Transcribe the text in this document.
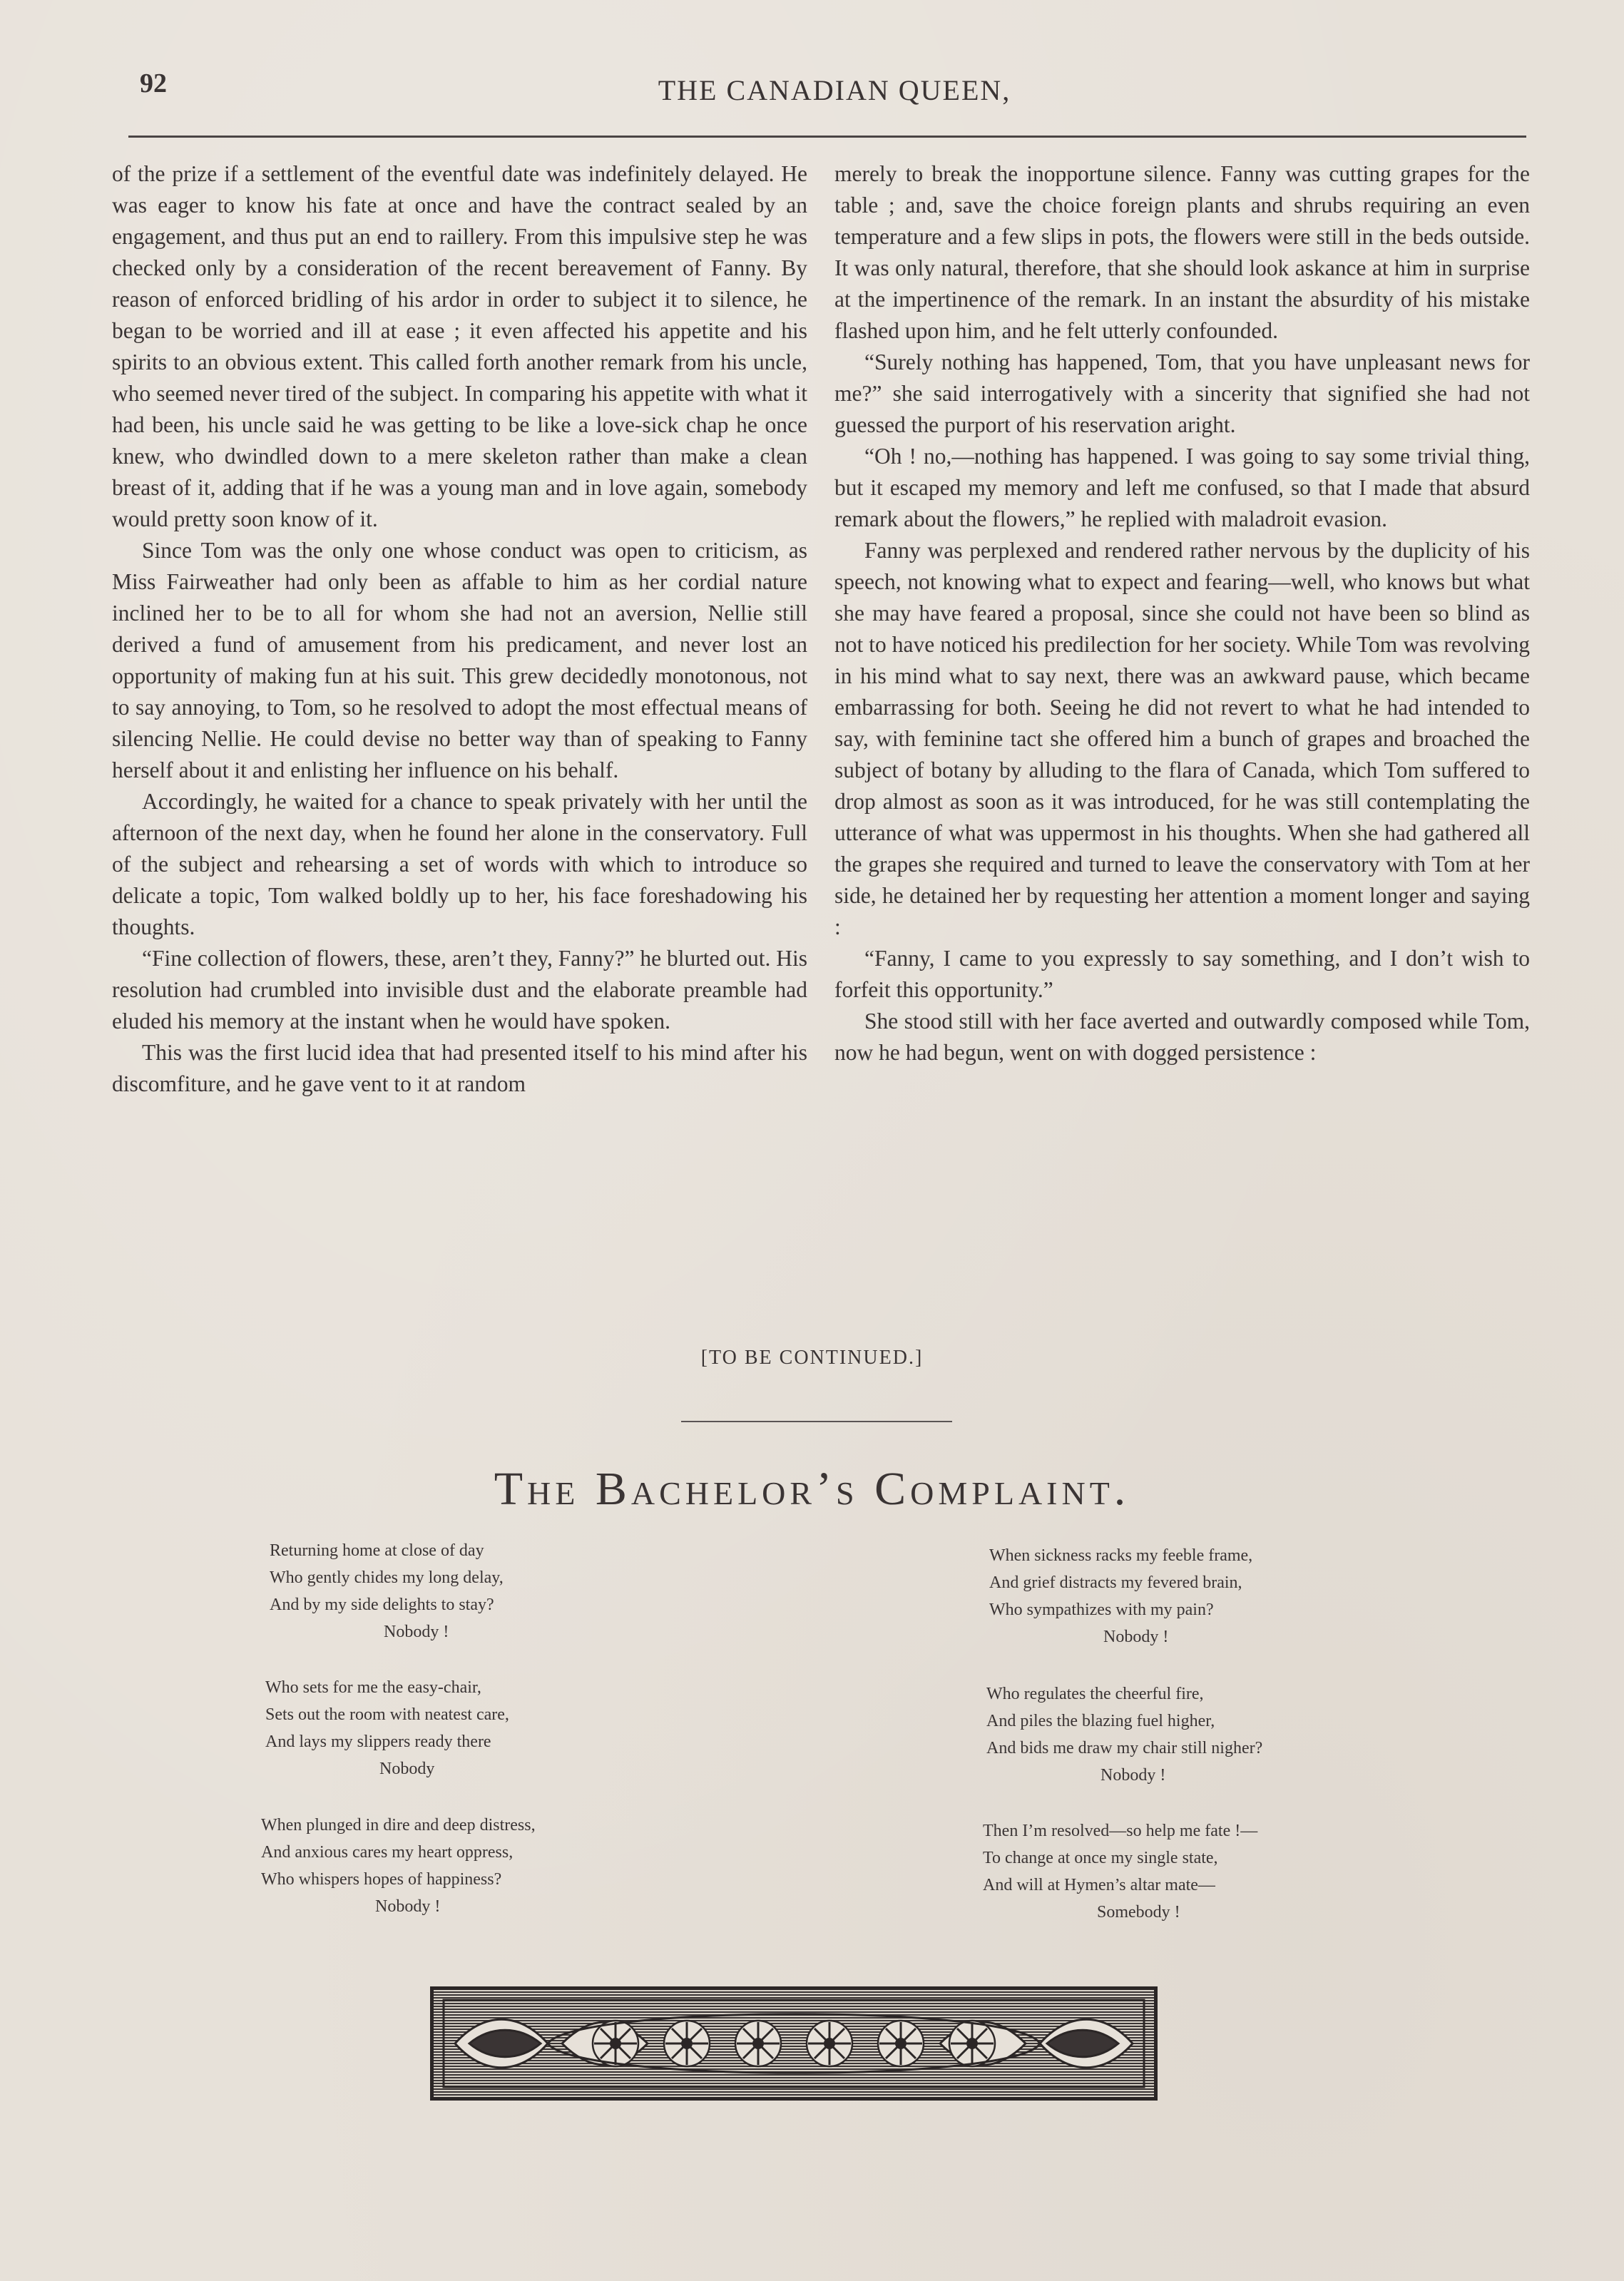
92	THE CANADIAN QUEEN,

of the prize if a settlement of the eventful date was indefinitely delayed. He was eager to know his fate at once and have the contract sealed by an engagement, and thus put an end to raillery. From this impulsive step he was checked only by a consideration of the recent bereavement of Fanny. By reason of enforced bridling of his ardor in order to subject it to silence, he began to be worried and ill at ease ; it even affected his appetite and his spirits to an obvious extent. This called forth another remark from his uncle, who seemed never tired of the subject. In comparing his appetite with what it had been, his uncle said he was getting to be like a love-sick chap he once knew, who dwindled down to a mere skeleton rather than make a clean breast of it, adding that if he was a young man and in love again, somebody would pretty soon know of it.

Since Tom was the only one whose conduct was open to criticism, as Miss Fairweather had only been as affable to him as her cordial nature inclined her to be to all for whom she had not an aversion, Nellie still derived a fund of amusement from his predicament, and never lost an opportunity of making fun at his suit. This grew decidedly monotonous, not to say annoying, to Tom, so he resolved to adopt the most effectual means of silencing Nellie. He could devise no better way than of speaking to Fanny herself about it and enlisting her influence on his behalf.

Accordingly, he waited for a chance to speak privately with her until the afternoon of the next day, when he found her alone in the conservatory. Full of the subject and rehearsing a set of words with which to introduce so delicate a topic, Tom walked boldly up to her, his face foreshadowing his thoughts.

“Fine collection of flowers, these, aren’t they, Fanny?” he blurted out. His resolution had crumbled into invisible dust and the elaborate preamble had eluded his memory at the instant when he would have spoken.

This was the first lucid idea that had presented itself to his mind after his discomfiture, and he gave vent to it at random

merely to break the inopportune silence. Fanny was cutting grapes for the table ; and, save the choice foreign plants and shrubs requiring an even temperature and a few slips in pots, the flowers were still in the beds outside. It was only natural, therefore, that she should look askance at him in surprise at the impertinence of the remark. In an instant the absurdity of his mistake flashed upon him, and he felt utterly confounded.

“Surely nothing has happened, Tom, that you have unpleasant news for me?” she said interrogatively with a sincerity that signified she had not guessed the purport of his reservation aright.

“Oh ! no,—nothing has happened. I was going to say some trivial thing, but it escaped my memory and left me confused, so that I made that absurd remark about the flowers,” he replied with maladroit evasion.

Fanny was perplexed and rendered rather nervous by the duplicity of his speech, not knowing what to expect and fearing—well, who knows but what she may have feared a proposal, since she could not have been so blind as not to have noticed his predilection for her society. While Tom was revolving in his mind what to say next, there was an awkward pause, which became embarrassing for both. Seeing he did not revert to what he had intended to say, with feminine tact she offered him a bunch of grapes and broached the subject of botany by alluding to the flara of Canada, which Tom suffered to drop almost as soon as it was introduced, for he was still contemplating the utterance of what was uppermost in his thoughts. When she had gathered all the grapes she required and turned to leave the conservatory with Tom at her side, he detained her by requesting her attention a moment longer and saying :

“Fanny, I came to you expressly to say something, and I don’t wish to forfeit this opportunity.”

She stood still with her face averted and outwardly composed while Tom, now he had begun, went on with dogged persistence :

[TO BE CONTINUED.]
The Bachelor’s Complaint.
Returning home at close of day
Who gently chides my long delay,
And by my side delights to stay?
Nobody !
Who sets for me the easy-chair,
Sets out the room with neatest care,
And lays my slippers ready there
Nobody
When plunged in dire and deep distress,
And anxious cares my heart oppress,
Who whispers hopes of happiness?
Nobody !
When sickness racks my feeble frame,
And grief distracts my fevered brain,
Who sympathizes with my pain?
Nobody !
Who regulates the cheerful fire,
And piles the blazing fuel higher,
And bids me draw my chair still nigher?
Nobody !
Then I’m resolved—so help me fate !—
To change at once my single state,
And will at Hymen’s altar mate—
Somebody !
